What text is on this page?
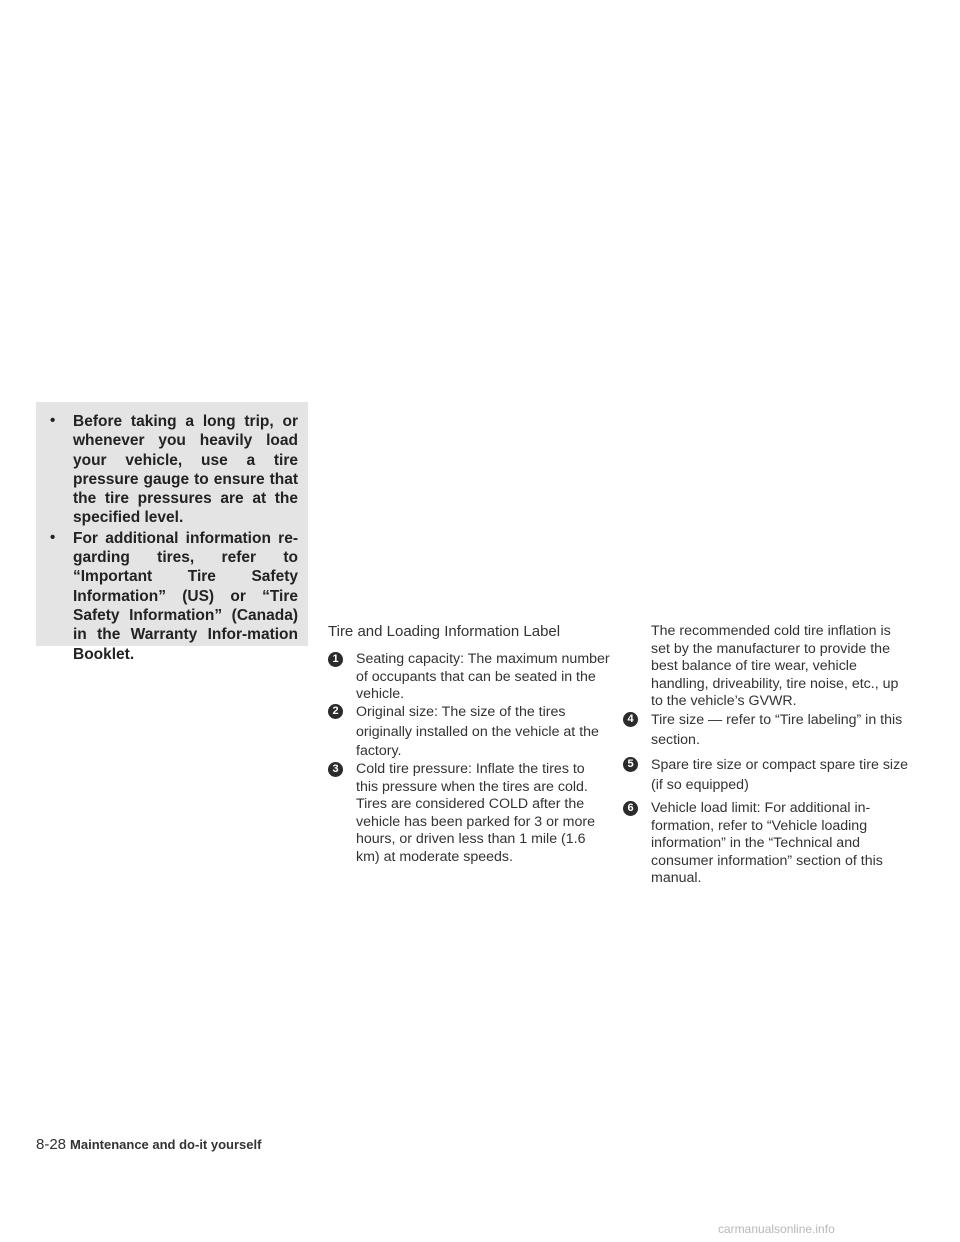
• Before taking a long trip, or whenever you heavily load your vehicle, use a tire pressure gauge to ensure that the tire pressures are at the specified level.
• For additional information re-garding tires, refer to “Important Tire Safety Information” (US) or “Tire Safety Information” (Canada) in the Warranty Infor-mation Booklet.
Tire and Loading Information Label
1	Seating capacity: The maximum number of occupants that can be seated in the vehicle.
2	Original size: The size of the tires originally installed on the vehicle at the factory.
3	Cold tire pressure: Inflate the tires to this pressure when the tires are cold. Tires are considered COLD after the vehicle has been parked for 3 or more hours, or driven less than 1 mile (1.6 km) at moderate speeds.
The recommended cold tire inflation is set by the manufacturer to provide the best balance of tire wear, vehicle handling, driveability, tire noise, etc., up to the vehicle’s GVWR.
4	Tire size — refer to “Tire labeling” in this section.
5	Spare tire size or compact spare tire size (if so equipped)
6	Vehicle load limit: For additional in-formation, refer to “Vehicle loading information” in the “Technical and consumer information” section of this manual.
8-28 Maintenance and do-it yourself
carmanualsonline.info
